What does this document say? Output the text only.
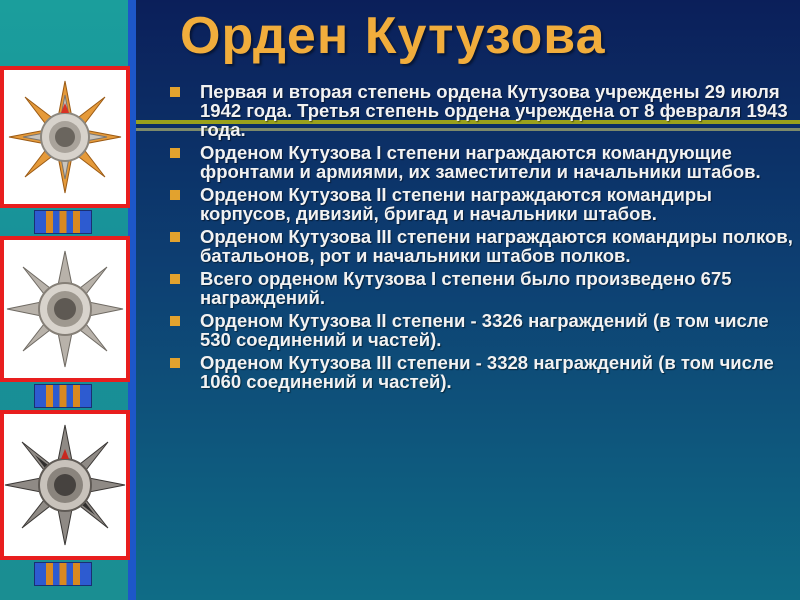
Орден Кутузова
Первая и вторая степень ордена Кутузова учреждены 29 июля 1942 года. Третья степень ордена учреждена от 8 февраля 1943 года.
Орденом Кутузова I степени награждаются командующие фронтами и армиями, их заместители и начальники штабов.
Орденом Кутузова II степени награждаются командиры корпусов, дивизий, бригад и начальники штабов.
Орденом Кутузова III степени награждаются командиры полков, батальонов, рот и начальники штабов полков.
Всего орденом Кутузова I степени было произведено 675 награждений.
Орденом Кутузова II степени - 3326 награждений (в том числе 530 соединений и частей).
Орденом Кутузова III степени - 3328 награждений (в том числе 1060 соединений и частей).
